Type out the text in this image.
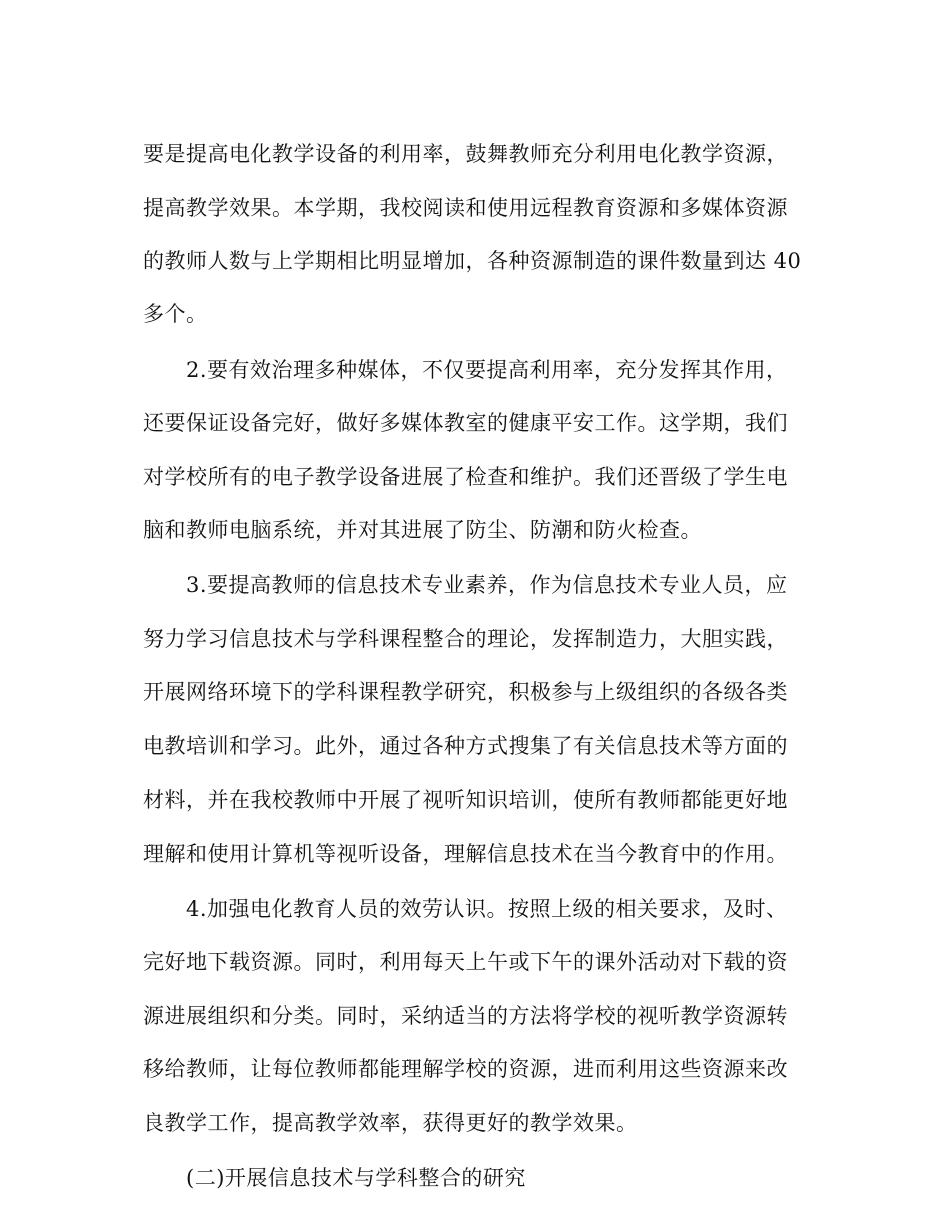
要是提高电化教学设备的利用率，鼓舞教师充分利用电化教学资源，
提高教学效果。本学期，我校阅读和使用远程教育资源和多媒体资源
的教师人数与上学期相比明显增加，各种资源制造的课件数量到达 40
多个。
2.要有效治理多种媒体，不仅要提高利用率，充分发挥其作用，
还要保证设备完好，做好多媒体教室的健康平安工作。这学期，我们
对学校所有的电子教学设备进展了检查和维护。我们还晋级了学生电
脑和教师电脑系统，并对其进展了防尘、防潮和防火检查。
3.要提高教师的信息技术专业素养，作为信息技术专业人员，应
努力学习信息技术与学科课程整合的理论，发挥制造力，大胆实践，
开展网络环境下的学科课程教学研究，积极参与上级组织的各级各类
电教培训和学习。此外，通过各种方式搜集了有关信息技术等方面的
材料，并在我校教师中开展了视听知识培训，使所有教师都能更好地
理解和使用计算机等视听设备，理解信息技术在当今教育中的作用。
4.加强电化教育人员的效劳认识。按照上级的相关要求，及时、
完好地下载资源。同时，利用每天上午或下午的课外活动对下载的资
源进展组织和分类。同时，采纳适当的方法将学校的视听教学资源转
移给教师，让每位教师都能理解学校的资源，进而利用这些资源来改
良教学工作，提高教学效率，获得更好的教学效果。
(二)开展信息技术与学科整合的研究
